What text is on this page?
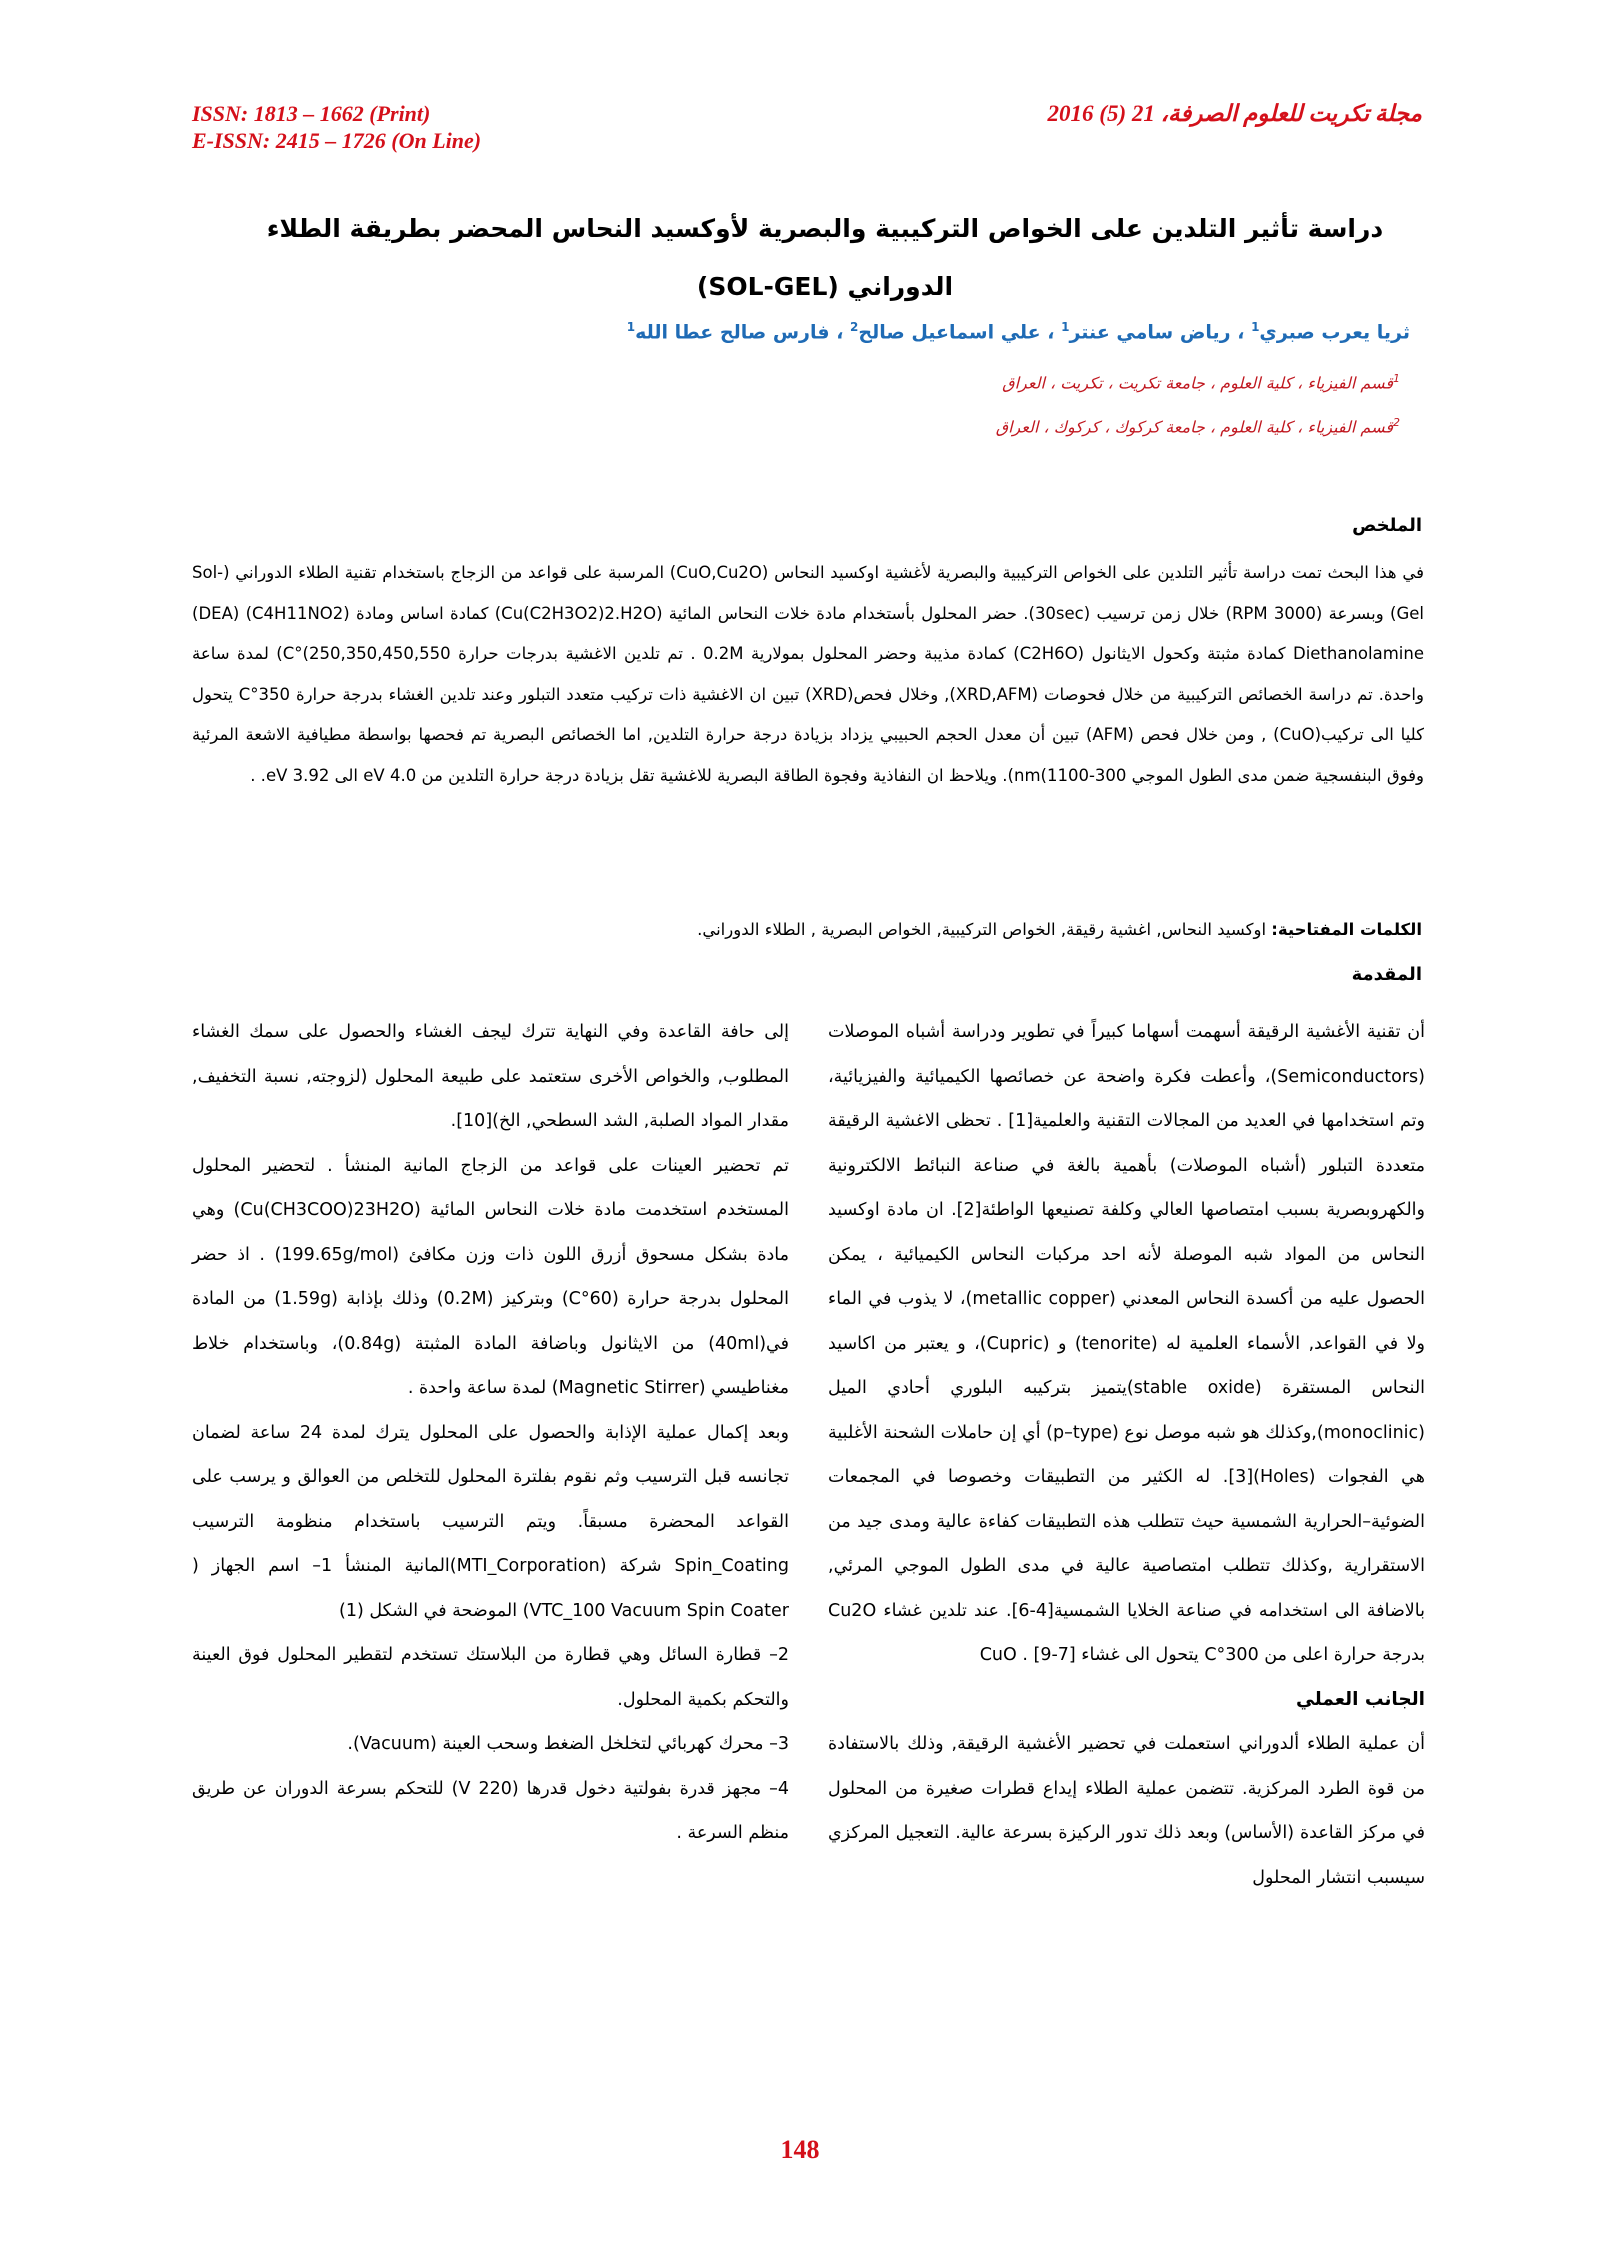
ISSN: 1813 – 1662 (Print)
E-ISSN: 2415 – 1726 (On Line)
مجلة تكريت للعلوم الصرفة، 21 (5) 2016
دراسة تأثير التلدين على الخواص التركيبية والبصرية لأوكسيد النحاس المحضر بطريقة الطلاء
الدوراني (SOL-GEL)
ثريا يعرب صبري$^1$ ، رياض سامي عنتر$^1$ ، علي اسماعيل صالح$^2$ ، فارس صالح عطا الله$^1$
$^1$قسم الفيزياء ، كلية العلوم ، جامعة تكريت ، تكريت ، العراق
$^2$قسم الفيزياء ، كلية العلوم ، جامعة كركوك ، كركوك ، العراق
الملخص
في هذا البحث تمت دراسة تأثير التلدين على الخواص التركيبية والبصرية لأغشية اوكسيد النحاس (CuO,Cu2O) المرسبة على قواعد من الزجاج باستخدام تقنية الطلاء الدوراني (Sol-Gel) وبسرعة (3000 RPM) خلال زمن ترسيب (30sec). حضر المحلول بأستخدام مادة خلات النحاس المائية (Cu(C2H3O2)2.H2O) كمادة اساس ومادة (C4H11NO2) (DEA) Diethanolamine كمادة مثبتة وكحول الايثانول (C2H6O) كمادة مذيبة وحضر المحلول بمولارية 0.2M . تم تلدين الاغشية بدرجات حرارة 250,350,450,550)°C) لمدة ساعة واحدة. تم دراسة الخصائص التركيبية من خلال فحوصات (XRD,AFM), وخلال فحص(XRD) تبين ان الاغشية ذات تركيب متعدد التبلور وعند تلدين الغشاء بدرجة حرارة 350°C يتحول كليا الى تركيب(CuO) , ومن خلال فحص (AFM) تبين أن معدل الحجم الحبيبي يزداد بزيادة درجة حرارة التلدين, اما الخصائص البصرية تم فحصها بواسطة مطيافية الاشعة المرئية وفوق البنفسجية ضمن مدى الطول الموجي 300-1100)nm). ويلاحظ ان النفاذية وفجوة الطاقة البصرية للاغشية تقل بزيادة درجة حرارة التلدين من 4.0 eV الى 3.92 eV. .
الكلمات المفتاحية: اوكسيد النحاس, اغشية رقيقة, الخواص التركيبية, الخواص البصرية , الطلاء الدوراني.
المقدمة

أن تقنية الأغشية الرقيقة أسهمت أسهاما كبيراً في تطوير ودراسة أشباه الموصلات (Semiconductors)، وأعطت فكرة واضحة عن خصائصها الكيميائية والفيزيائية، وتم استخدامها في العديد من المجالات التقنية والعلمية[1] . تحظى الاغشية الرقيقة متعددة التبلور (أشباه الموصلات) بأهمية بالغة في صناعة النبائط الالكترونية والكهروبصرية بسبب امتصاصها العالي وكلفة تصنيعها الواطئة[2]. ان مادة اوكسيد النحاس من المواد شبه الموصلة لأنه احد مركبات النحاس الكيميائية ، يمكن الحصول عليه من أكسدة النحاس المعدني (metallic copper)، لا يذوب في الماء ولا في القواعد, الأسماء العلمية له (tenorite) و (Cupric)، و يعتبر من اكاسيد النحاس المستقرة (stable oxide)يتميز بتركيبه البلوري أحادي الميل (monoclinic),وكذلك هو شبه موصل نوع (p–type) أي إن حاملات الشحنة الأغلبية هي الفجوات (Holes)[3]. له الكثير من التطبيقات وخصوصا في المجمعات الضوئية–الحرارية الشمسية حيث تتطلب هذه التطبيقات كفاءة عالية ومدى جيد من الاستقرارية ,وكذلك تتطلب امتصاصية عالية في مدى الطول الموجي المرئي, بالاضافة الى استخدامه في صناعة الخلايا الشمسية[4-6]. عند تلدين غشاء Cu2O بدرجة حرارة اعلى من 300°C يتحول الى غشاء [7-9] . CuO

الجانب العملي

أن عملية الطلاء ألدوراني استعملت في تحضير الأغشية الرقيقة, وذلك بالاستفادة من قوة الطرد المركزية. تتضمن عملية الطلاء إيداع قطرات صغيرة من المحلول في مركز القاعدة (الأساس) وبعد ذلك تدور الركيزة بسرعة عالية. التعجيل المركزي سيسبب انتشار المحلول

إلى حافة القاعدة وفي النهاية تترك ليجف الغشاء والحصول على سمك الغشاء المطلوب, والخواص الأخرى ستعتمد على طبيعة المحلول (لزوجته, نسبة التخفيف, مقدار المواد الصلبة, الشد السطحي, الخ)[10].

تم تحضير العينات على قواعد من الزجاج المانية المنشأ . لتحضير المحلول المستخدم استخدمت مادة خلات النحاس المائية (Cu(CH3COO)23H2O) وهي مادة بشكل مسحوق أزرق اللون ذات وزن مكافئ (199.65g/mol) . اذ حضر المحلول بدرجة حرارة (60°C) وبتركيز (0.2M) وذلك بإذابة (1.59g) من المادة في(40ml) من الايثانول وباضافة المادة المثبتة (0.84g)، وباستخدام خلاط مغناطيسي (Magnetic Stirrer) لمدة ساعة واحدة .

وبعد إكمال عملية الإذابة والحصول على المحلول يترك لمدة 24 ساعة لضمان تجانسه قبل الترسيب وثم نقوم بفلترة المحلول للتخلص من العوالق و يرسب على القواعد المحضرة مسبقاً. ويتم الترسيب باستخدام منظومة الترسيب Spin_Coating شركة (MTI_Corporation)المانية المنشأ 1– اسم الجهاز ( VTC_100 Vacuum Spin Coater) الموضحة في الشكل (1)

2– قطارة السائل وهي قطارة من البلاستك تستخدم لتقطير المحلول فوق العينة والتحكم بكمية المحلول.

3– محرك كهربائي لتخلخل الضغط وسحب العينة (Vacuum).

4– مجهز قدرة بفولتية دخول قدرها (220 V) للتحكم بسرعة الدوران عن طريق منظم السرعة .

148
